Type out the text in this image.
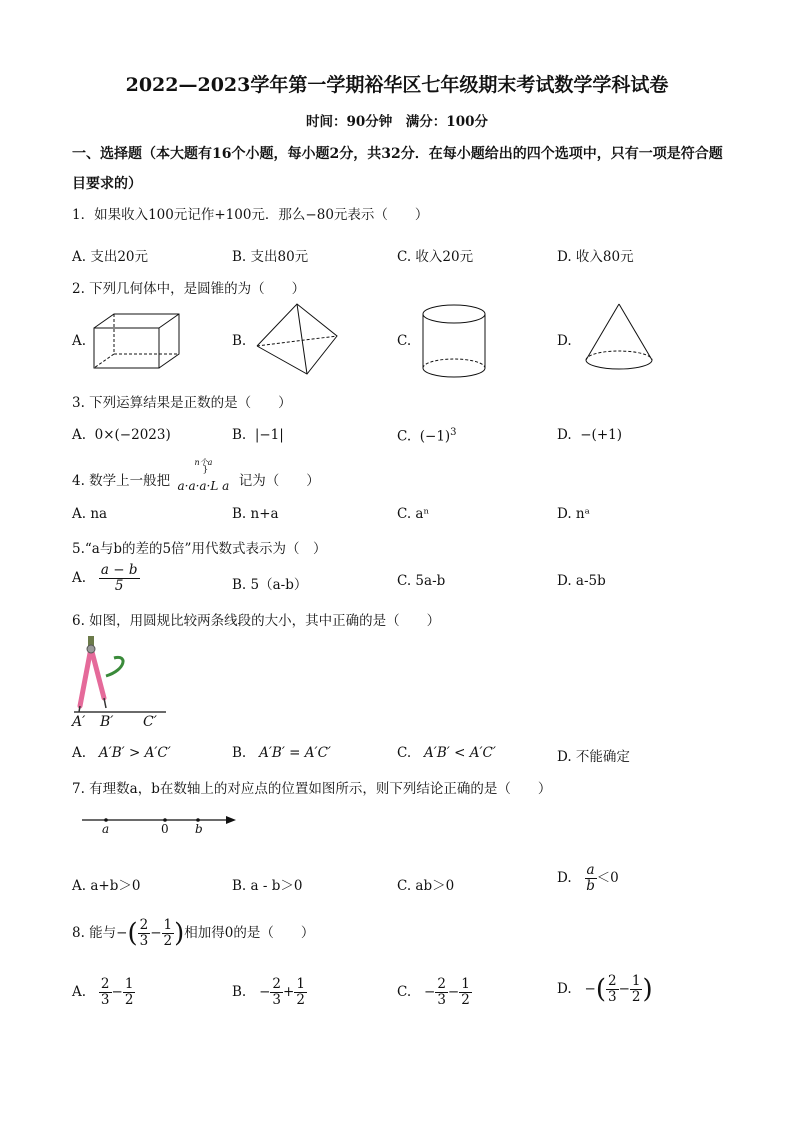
2022—2023学年第一学期裕华区七年级期末考试数学学科试卷
时间：90分钟　满分：100分
一、选择题（本大题有16个小题，每小题2分，共32分．在每小题给出的四个选项中，只有一项是符合题目要求的）
1．如果收入100元记作+100元．那么−80元表示（　　）
A. 支出20元	B. 支出80元	C. 收入20元	D. 收入80元
2. 下列几何体中，是圆锥的为（　　）
A.	B.	C.	D.
3. 下列运算结果是正数的是（　　）
A. 0×(−2023)	B. |−1|	C. $(-1)^3$	D. −(+1)
4. 数学上一般把
n个a
}
a·a·a·L a 记为（　　）
A. na	B. n+a	C. aⁿ	D. nᵃ
5.“a与b的差的5倍”用代数式表示为（　）
A. $\frac{a - b}{5}$	B. 5（a-b）	C. 5a-b	D. a-5b
6. 如图，用圆规比较两条线段的大小，其中正确的是（　　）
A′ B′ C′
A. A′B′ > A′C′	B. A′B′ = A′C′	C. A′B′ < A′C′	D. 不能确定
7. 有理数a，b在数轴上的对应点的位置如图所示，则下列结论正确的是（　　）
a	0 b
A. a+b＞0	B. a - b＞0	C. ab＞0
D. $\frac{a}{b} <0$
8. 能与−( $\frac{2}{3} - \frac{1}{2}$ )相加得0的是（　　）
A. $\frac{2}{3} - \frac{1}{2}$	B. − $\frac{2}{3} + \frac{1}{2}$	C. − $\frac{2}{3} - \frac{1}{2}$	D. −( $\frac{2}{3} - \frac{1}{2}$ )
